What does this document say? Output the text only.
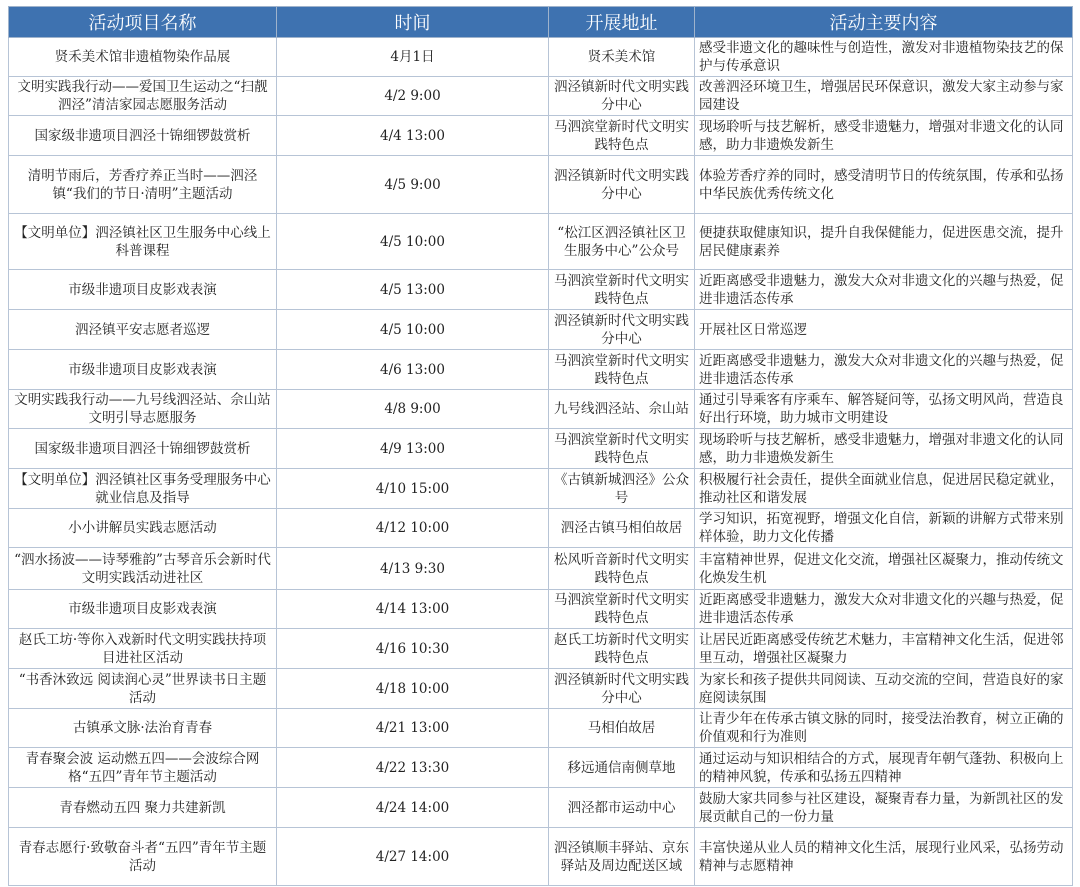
活动项目名称	时间	开展地址	活动主要内容
贤禾美术馆非遗植物染作品展	4月1日	贤禾美术馆	感受非遗文化的趣味性与创造性，激发对非遗植物染技艺的保护与传承意识
文明实践我行动——爱国卫生运动之“扫靓泗泾”清洁家园志愿服务活动	4/2 9:00	泗泾镇新时代文明实践分中心	改善泗泾环境卫生，增强居民环保意识，激发大家主动参与家园建设
国家级非遗项目泗泾十锦细锣鼓赏析	4/4 13:00	马泗滨堂新时代文明实践特色点	现场聆听与技艺解析，感受非遗魅力，增强对非遗文化的认同感，助力非遗焕发新生
清明节雨后，芳香疗养正当时——泗泾镇“我们的节日·清明”主题活动	4/5 9:00	泗泾镇新时代文明实践分中心	体验芳香疗养的同时，感受清明节日的传统氛围，传承和弘扬中华民族优秀传统文化
【文明单位】泗泾镇社区卫生服务中心线上科普课程	4/5 10:00	“松江区泗泾镇社区卫生服务中心”公众号	便捷获取健康知识，提升自我保健能力，促进医患交流，提升居民健康素养
市级非遗项目皮影戏表演	4/5 13:00	马泗滨堂新时代文明实践特色点	近距离感受非遗魅力，激发大众对非遗文化的兴趣与热爱，促进非遗活态传承
泗泾镇平安志愿者巡逻	4/5 10:00	泗泾镇新时代文明实践分中心	开展社区日常巡逻
市级非遗项目皮影戏表演	4/6 13:00	马泗滨堂新时代文明实践特色点	近距离感受非遗魅力，激发大众对非遗文化的兴趣与热爱，促进非遗活态传承
文明实践我行动——九号线泗泾站、佘山站文明引导志愿服务	4/8 9:00	九号线泗泾站、佘山站	通过引导乘客有序乘车、解答疑问等，弘扬文明风尚，营造良好出行环境，助力城市文明建设
国家级非遗项目泗泾十锦细锣鼓赏析	4/9 13:00	马泗滨堂新时代文明实践特色点	现场聆听与技艺解析，感受非遗魅力，增强对非遗文化的认同感，助力非遗焕发新生
【文明单位】泗泾镇社区事务受理服务中心就业信息及指导	4/10 15:00	《古镇新城泗泾》公众号	积极履行社会责任，提供全面就业信息，促进居民稳定就业，推动社区和谐发展
小小讲解员实践志愿活动	4/12 10:00	泗泾古镇马相伯故居	学习知识，拓宽视野，增强文化自信，新颖的讲解方式带来别样体验，助力文化传播
“泗水扬波——诗琴雅韵”古琴音乐会新时代文明实践活动进社区	4/13 9:30	松风听音新时代文明实践特色点	丰富精神世界，促进文化交流，增强社区凝聚力，推动传统文化焕发生机
市级非遗项目皮影戏表演	4/14 13:00	马泗滨堂新时代文明实践特色点	近距离感受非遗魅力，激发大众对非遗文化的兴趣与热爱，促进非遗活态传承
赵氏工坊·等你入戏新时代文明实践扶持项目进社区活动	4/16 10:30	赵氏工坊新时代文明实践特色点	让居民近距离感受传统艺术魅力，丰富精神文化生活，促进邻里互动，增强社区凝聚力
“书香沐致远 阅读润心灵”世界读书日主题活动	4/18 10:00	泗泾镇新时代文明实践分中心	为家长和孩子提供共同阅读、互动交流的空间，营造良好的家庭阅读氛围
古镇承文脉·法治育青春	4/21 13:00	马相伯故居	让青少年在传承古镇文脉的同时，接受法治教育，树立正确的价值观和行为准则
青春聚会波 运动燃五四——会波综合网格“五四”青年节主题活动	4/22 13:30	移远通信南侧草地	通过运动与知识相结合的方式，展现青年朝气蓬勃、积极向上的精神风貌，传承和弘扬五四精神
青春燃动五四 聚力共建新凯	4/24 14:00	泗泾都市运动中心	鼓励大家共同参与社区建设，凝聚青春力量，为新凯社区的发展贡献自己的一份力量
青春志愿行·致敬奋斗者“五四”青年节主题活动	4/27 14:00	泗泾镇顺丰驿站、京东驿站及周边配送区域	丰富快递从业人员的精神文化生活，展现行业风采，弘扬劳动精神与志愿精神
